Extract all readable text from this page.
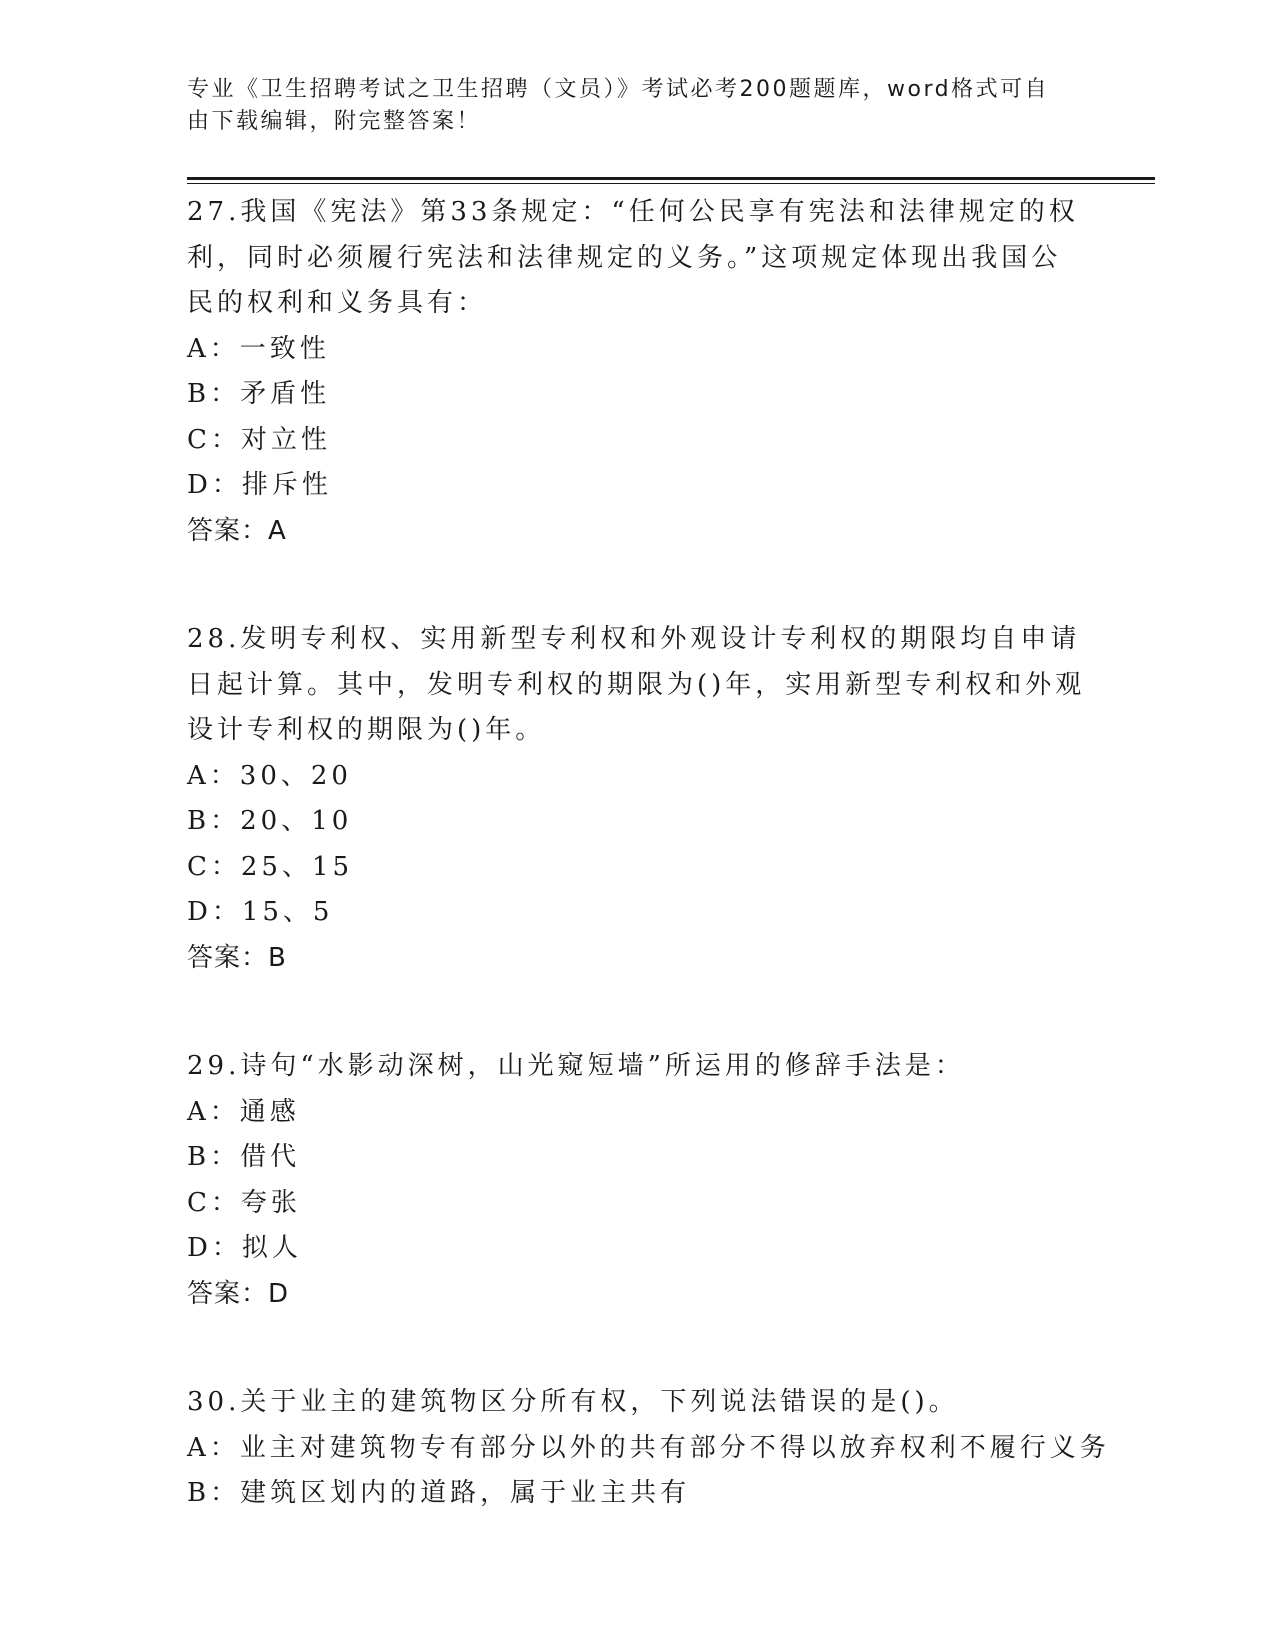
专业《卫生招聘考试之卫生招聘（文员）》考试必考200题题库，word格式可自
由下载编辑，附完整答案！
27.我国《宪法》第33条规定：“任何公民享有宪法和法律规定的权利，同时必须履行宪法和法律规定的义务。”这项规定体现出我国公民的权利和义务具有：
A：一致性
B：矛盾性
C：对立性
D：排斥性
答案：A
28.发明专利权、实用新型专利权和外观设计专利权的期限均自申请日起计算。其中，发明专利权的期限为()年，实用新型专利权和外观设计专利权的期限为()年。
A：30、20
B：20、10
C：25、15
D：15、5
答案：B
29.诗句“水影动深树，山光窥短墙”所运用的修辞手法是：
A：通感
B：借代
C：夸张
D：拟人
答案：D
30.关于业主的建筑物区分所有权，下列说法错误的是()。
A：业主对建筑物专有部分以外的共有部分不得以放弃权利不履行义务
B：建筑区划内的道路，属于业主共有
